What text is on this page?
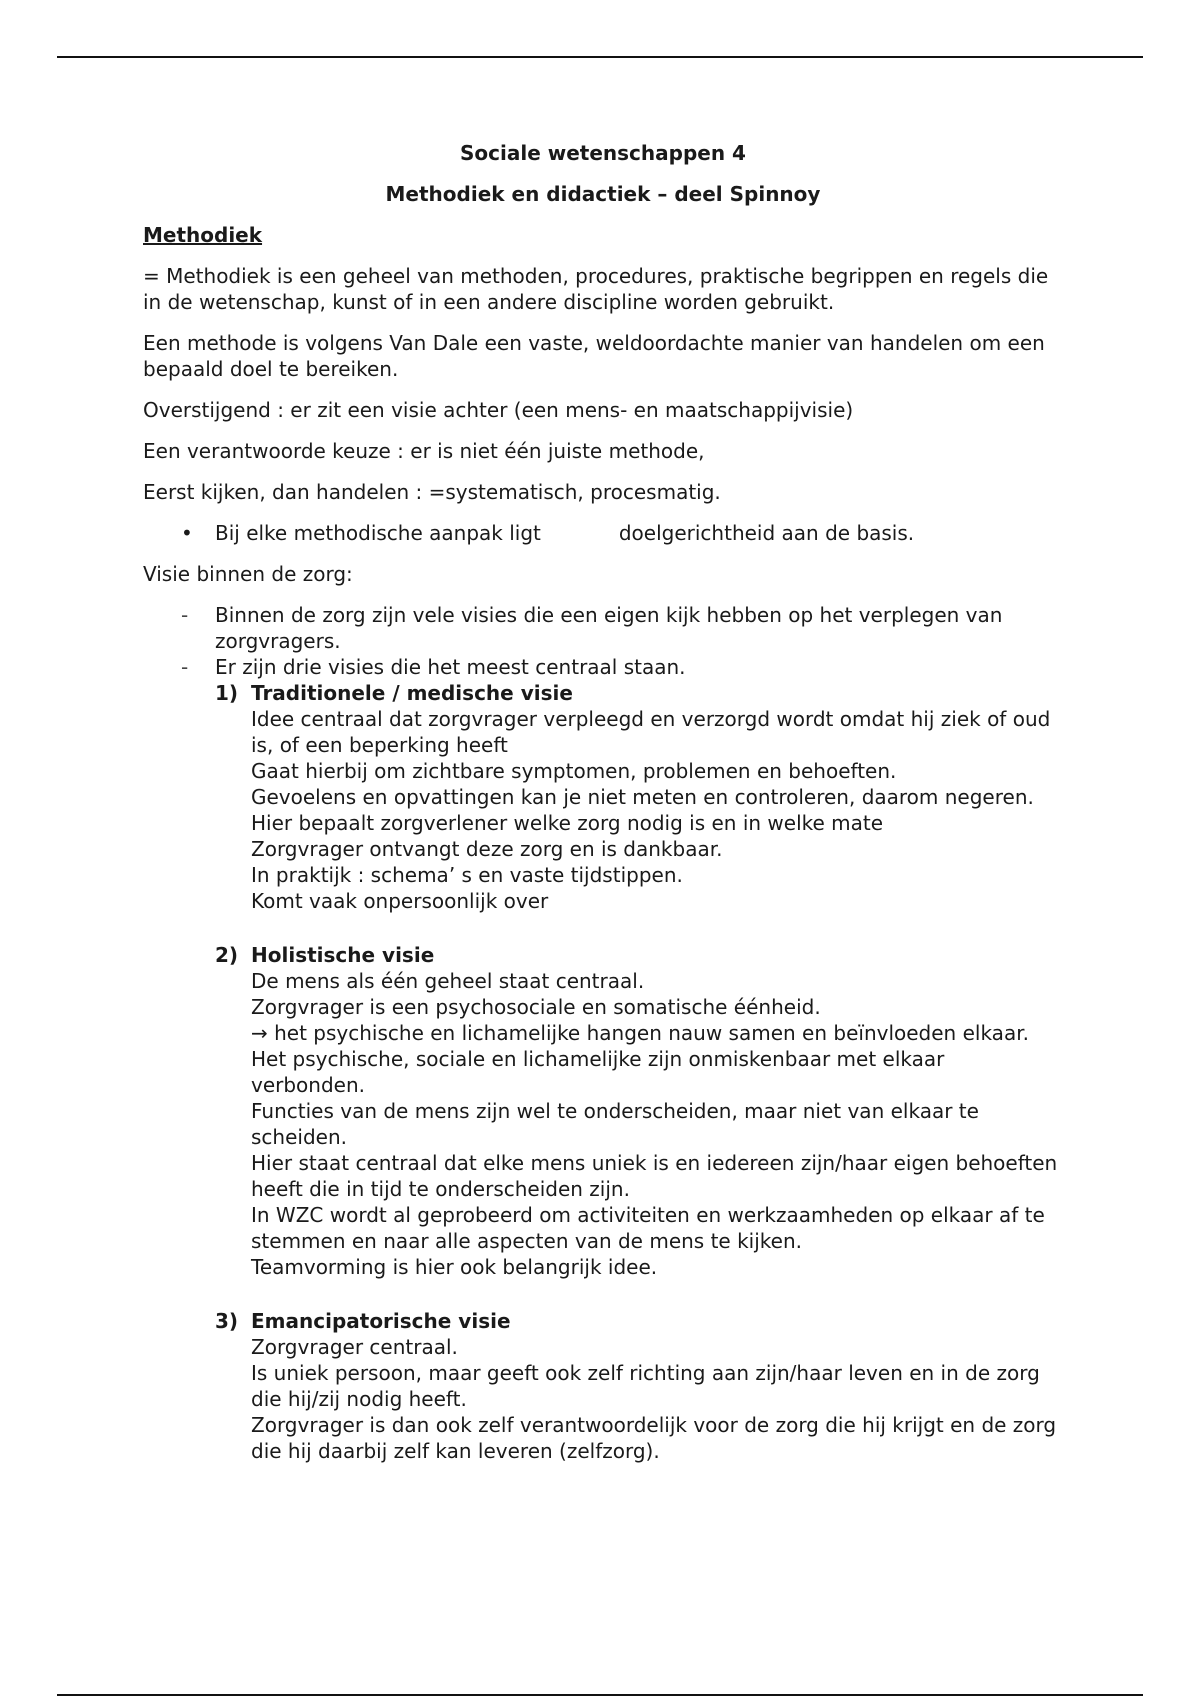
Sociale wetenschappen 4

Methodiek en didactiek – deel Spinnoy

Methodiek

= Methodiek is een geheel van methoden, procedures, praktische begrippen en regels die in de wetenschap, kunst of in een andere discipline worden gebruikt.

Een methode is volgens Van Dale een vaste, weldoordachte manier van handelen om een bepaald doel te bereiken.

Overstijgend : er zit een visie achter (een mens- en maatschappijvisie)

Een verantwoorde keuze : er is niet één juiste methode,

Eerst kijken, dan handelen : =systematisch, procesmatig.

•	Bij elke methodische aanpak ligt	doelgerichtheid aan de basis.

Visie binnen de zorg:

-	Binnen de zorg zijn vele visies die een eigen kijk hebben op het verplegen van zorgvragers.
-	Er zijn drie visies die het meest centraal staan.
1) Traditionele / medische visie
Idee centraal dat zorgvrager verpleegd en verzorgd wordt omdat hij ziek of oud is, of een beperking heeft
Gaat hierbij om zichtbare symptomen, problemen en behoeften.
Gevoelens en opvattingen kan je niet meten en controleren, daarom negeren.
Hier bepaalt zorgverlener welke zorg nodig is en in welke mate
Zorgvrager ontvangt deze zorg en is dankbaar.
In praktijk : schema’ s en vaste tijdstippen.
Komt vaak onpersoonlijk over
2) Holistische visie
De mens als één geheel staat centraal.
Zorgvrager is een psychosociale en somatische éénheid.
→ het psychische en lichamelijke hangen nauw samen en beïnvloeden elkaar.
Het psychische, sociale en lichamelijke zijn onmiskenbaar met elkaar verbonden.
Functies van de mens zijn wel te onderscheiden, maar niet van elkaar te scheiden.
Hier staat centraal dat elke mens uniek is en iedereen zijn/haar eigen behoeften heeft die in tijd te onderscheiden zijn.
In WZC wordt al geprobeerd om activiteiten en werkzaamheden op elkaar af te stemmen en naar alle aspecten van de mens te kijken.
Teamvorming is hier ook belangrijk idee.
3) Emancipatorische visie
Zorgvrager centraal.
Is uniek persoon, maar geeft ook zelf richting aan zijn/haar leven en in de zorg die hij/zij nodig heeft.
Zorgvrager is dan ook zelf verantwoordelijk voor de zorg die hij krijgt en de zorg die hij daarbij zelf kan leveren (zelfzorg).
